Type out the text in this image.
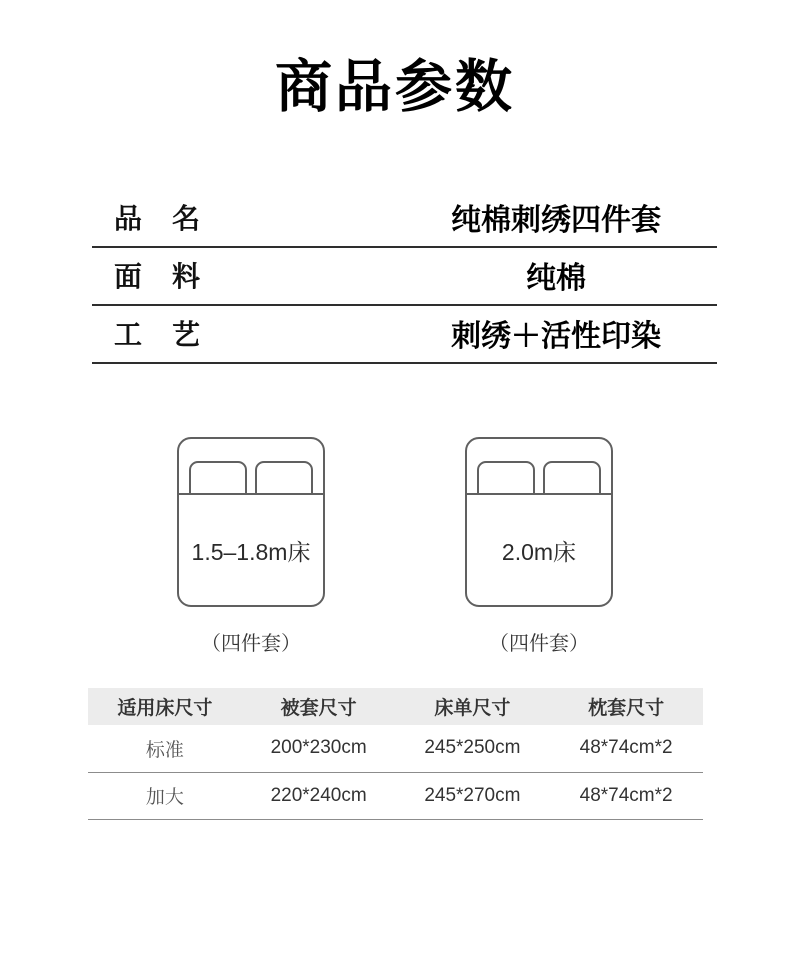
商品参数
品　名	纯棉刺绣四件套
面　料	纯棉
工　艺	刺绣＋活性印染
1.5–1.8m床
（四件套）
2.0m床
（四件套）
适用床尺寸	被套尺寸	床单尺寸	枕套尺寸
标准	200*230cm	245*250cm	48*74cm*2
加大	220*240cm	245*270cm	48*74cm*2
